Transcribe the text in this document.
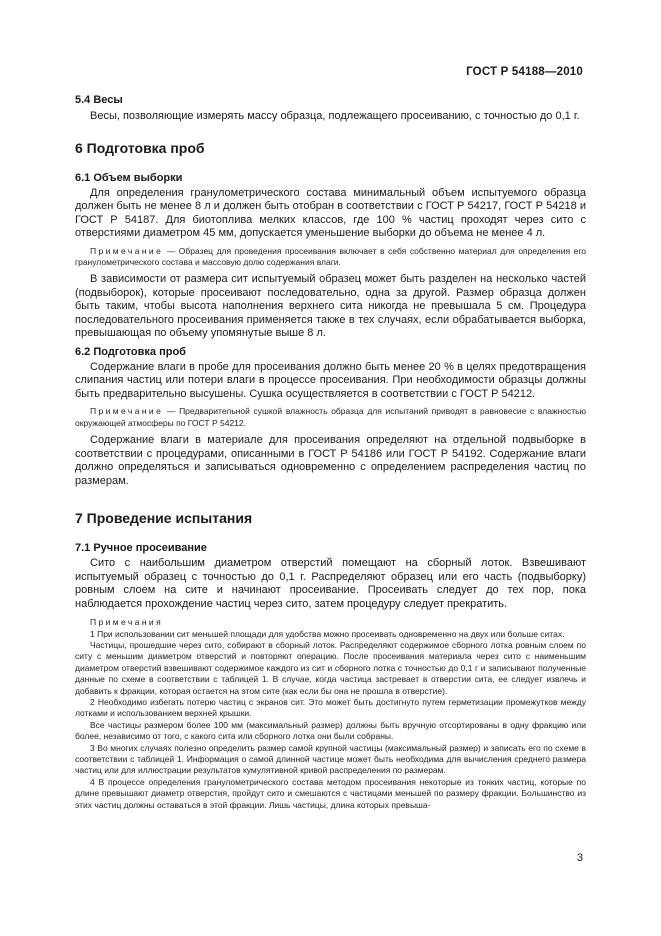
ГОСТ Р 54188—2010
5.4 Весы

Весы, позволяющие измерять массу образца, подлежащего просеиванию, с точностью до 0,1 г.

6 Подготовка проб
6.1 Объем выборки

Для определения гранулометрического состава минимальный объем испытуемого образца должен быть не менее 8 л и должен быть отобран в соответствии с ГОСТ Р 54217, ГОСТ Р 54218 и ГОСТ Р 54187. Для биотоплива мелких классов, где 100 % частиц проходят через сито с отверстиями диаметром 45 мм, допускается уменьшение выборки до объема не менее 4 л.

Примечание — Образец для проведения просеивания включает в себя собственно материал для определения его гранулометрического состава и массовую долю содержания влаги.

В зависимости от размера сит испытуемый образец может быть разделен на несколько частей (подвыборок), которые просеивают последовательно, одна за другой. Размер образца должен быть таким, чтобы высота наполнения верхнего сита никогда не превышала 5 см. Процедура последовательного просеивания применяется также в тех случаях, если обрабатывается выборка, превышающая по объему упомянутые выше 8 л.

6.2 Подготовка проб

Содержание влаги в пробе для просеивания должно быть менее 20 % в целях предотвращения слипания частиц или потери влаги в процессе просеивания. При необходимости образцы должны быть предварительно высушены. Сушка осуществляется в соответствии с ГОСТ Р 54212.

Примечание — Предварительной сушкой влажность образца для испытаний приводят в равновесие с влажностью окружающей атмосферы по ГОСТ Р 54212.

Содержание влаги в материале для просеивания определяют на отдельной подвыборке в соответствии с процедурами, описанными в ГОСТ Р 54186 или ГОСТ Р 54192. Содержание влаги должно определяться и записываться одновременно с определением распределения частиц по размерам.

7 Проведение испытания
7.1 Ручное просеивание

Сито с наибольшим диаметром отверстий помещают на сборный лоток. Взвешивают испытуемый образец с точностью до 0,1 г. Распределяют образец или его часть (подвыборку) ровным слоем на сите и начинают просеивание. Просеивать следует до тех пор, пока наблюдается прохождение частиц через сито, затем процедуру следует прекратить.

Примечания

1 При использовании сит меньшей площади для удобства можно просеивать одновременно на двух или больше ситах.

Частицы, прошедшие через сито, собирают в сборный лоток. Распределяют содержимое сборного лотка ровным слоем по ситу с меньшим диаметром отверстий и повторяют операцию. После просеивания материала через сито с наименьшим диаметром отверстий взвешивают содержимое каждого из сит и сборного лотка с точностью до 0,1 г и записывают полученные данные по схеме в соответствии с таблицей 1. В случае, когда частица застревает в отверстии сита, ее следует извлечь и добавить к фракции, которая остается на этом сите (как если бы она не прошла в отверстие).

2 Необходимо избегать потерю частиц с экранов сит. Это может быть достигнуто путем герметизации промежутков между лотками и использованием верхней крышки.

Все частицы размером более 100 мм (максимальный размер) должны быть вручную отсортированы в одну фракцию или более, независимо от того, с какого сита или сборного лотка они были собраны.

3 Во многих случаях полезно определить размер самой крупной частицы (максимальный размер) и записать его по схеме в соответствии с таблицей 1. Информация о самой длинной частице может быть необходима для вычисления среднего размера частиц или для иллюстрации результатов кумулятивной кривой распределения по размерам.

4 В процессе определения гранулометрического состава методом просеивания некоторые из тонких частиц, которые по длине превышают диаметр отверстия, пройдут сито и смешаются с частицами меньшей по размеру фракции. Большинство из этих частиц должны оставаться в этой фракции. Лишь частицы, длина которых превыша-

3
